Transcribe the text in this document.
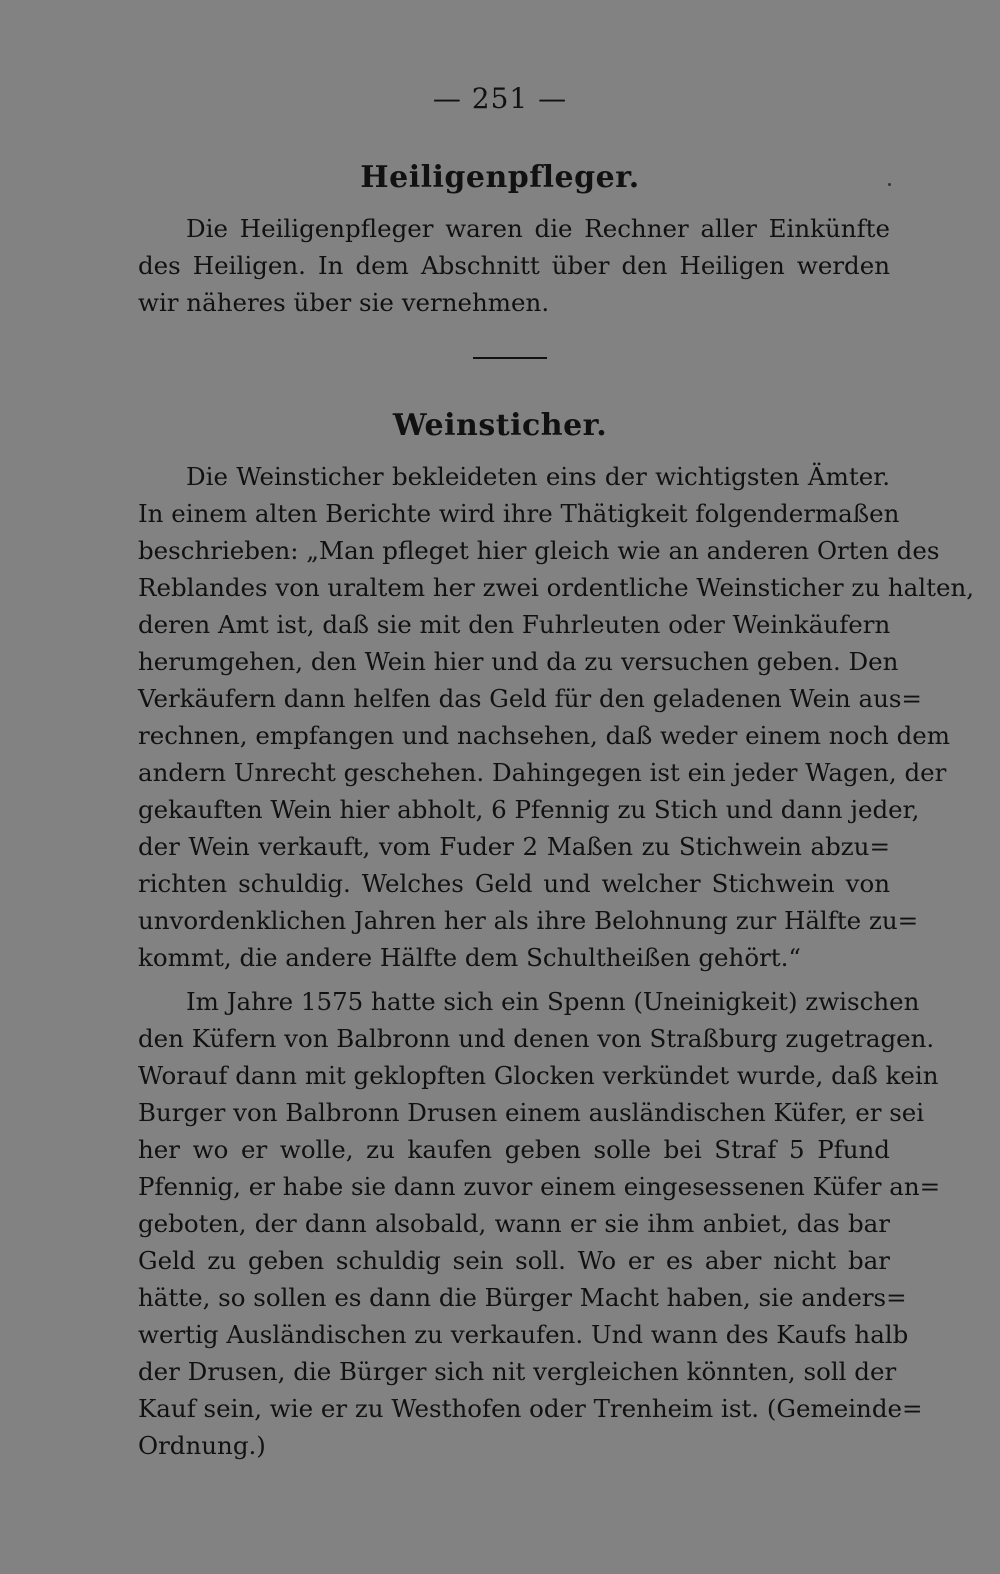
— 251 —
Heiligenpfleger.
Die Heiligenpfleger waren die Rechner aller Einkünfte
des Heiligen. In dem Abschnitt über den Heiligen werden
wir näheres über sie vernehmen.
Weinsticher.
Die Weinsticher bekleideten eins der wichtigsten Ämter.
In einem alten Berichte wird ihre Thätigkeit folgendermaßen
beschrieben: „Man pfleget hier gleich wie an anderen Orten des
Reblandes von uraltem her zwei ordentliche Weinsticher zu halten,
deren Amt ist, daß sie mit den Fuhrleuten oder Weinkäufern
herumgehen, den Wein hier und da zu versuchen geben. Den
Verkäufern dann helfen das Geld für den geladenen Wein aus=
rechnen, empfangen und nachsehen, daß weder einem noch dem
andern Unrecht geschehen. Dahingegen ist ein jeder Wagen, der
gekauften Wein hier abholt, 6 Pfennig zu Stich und dann jeder,
der Wein verkauft, vom Fuder 2 Maßen zu Stichwein abzu=
richten schuldig. Welches Geld und welcher Stichwein von
unvordenklichen Jahren her als ihre Belohnung zur Hälfte zu=
kommt, die andere Hälfte dem Schultheißen gehört.“
Im Jahre 1575 hatte sich ein Spenn (Uneinigkeit) zwischen
den Küfern von Balbronn und denen von Straßburg zugetragen.
Worauf dann mit geklopften Glocken verkündet wurde, daß kein
Burger von Balbronn Drusen einem ausländischen Küfer, er sei
her wo er wolle, zu kaufen geben solle bei Straf 5 Pfund
Pfennig, er habe sie dann zuvor einem eingesessenen Küfer an=
geboten, der dann alsobald, wann er sie ihm anbiet, das bar
Geld zu geben schuldig sein soll. Wo er es aber nicht bar
hätte, so sollen es dann die Bürger Macht haben, sie anders=
wertig Ausländischen zu verkaufen. Und wann des Kaufs halb
der Drusen, die Bürger sich nit vergleichen könnten, soll der
Kauf sein, wie er zu Westhofen oder Trenheim ist. (Gemeinde=
Ordnung.)
